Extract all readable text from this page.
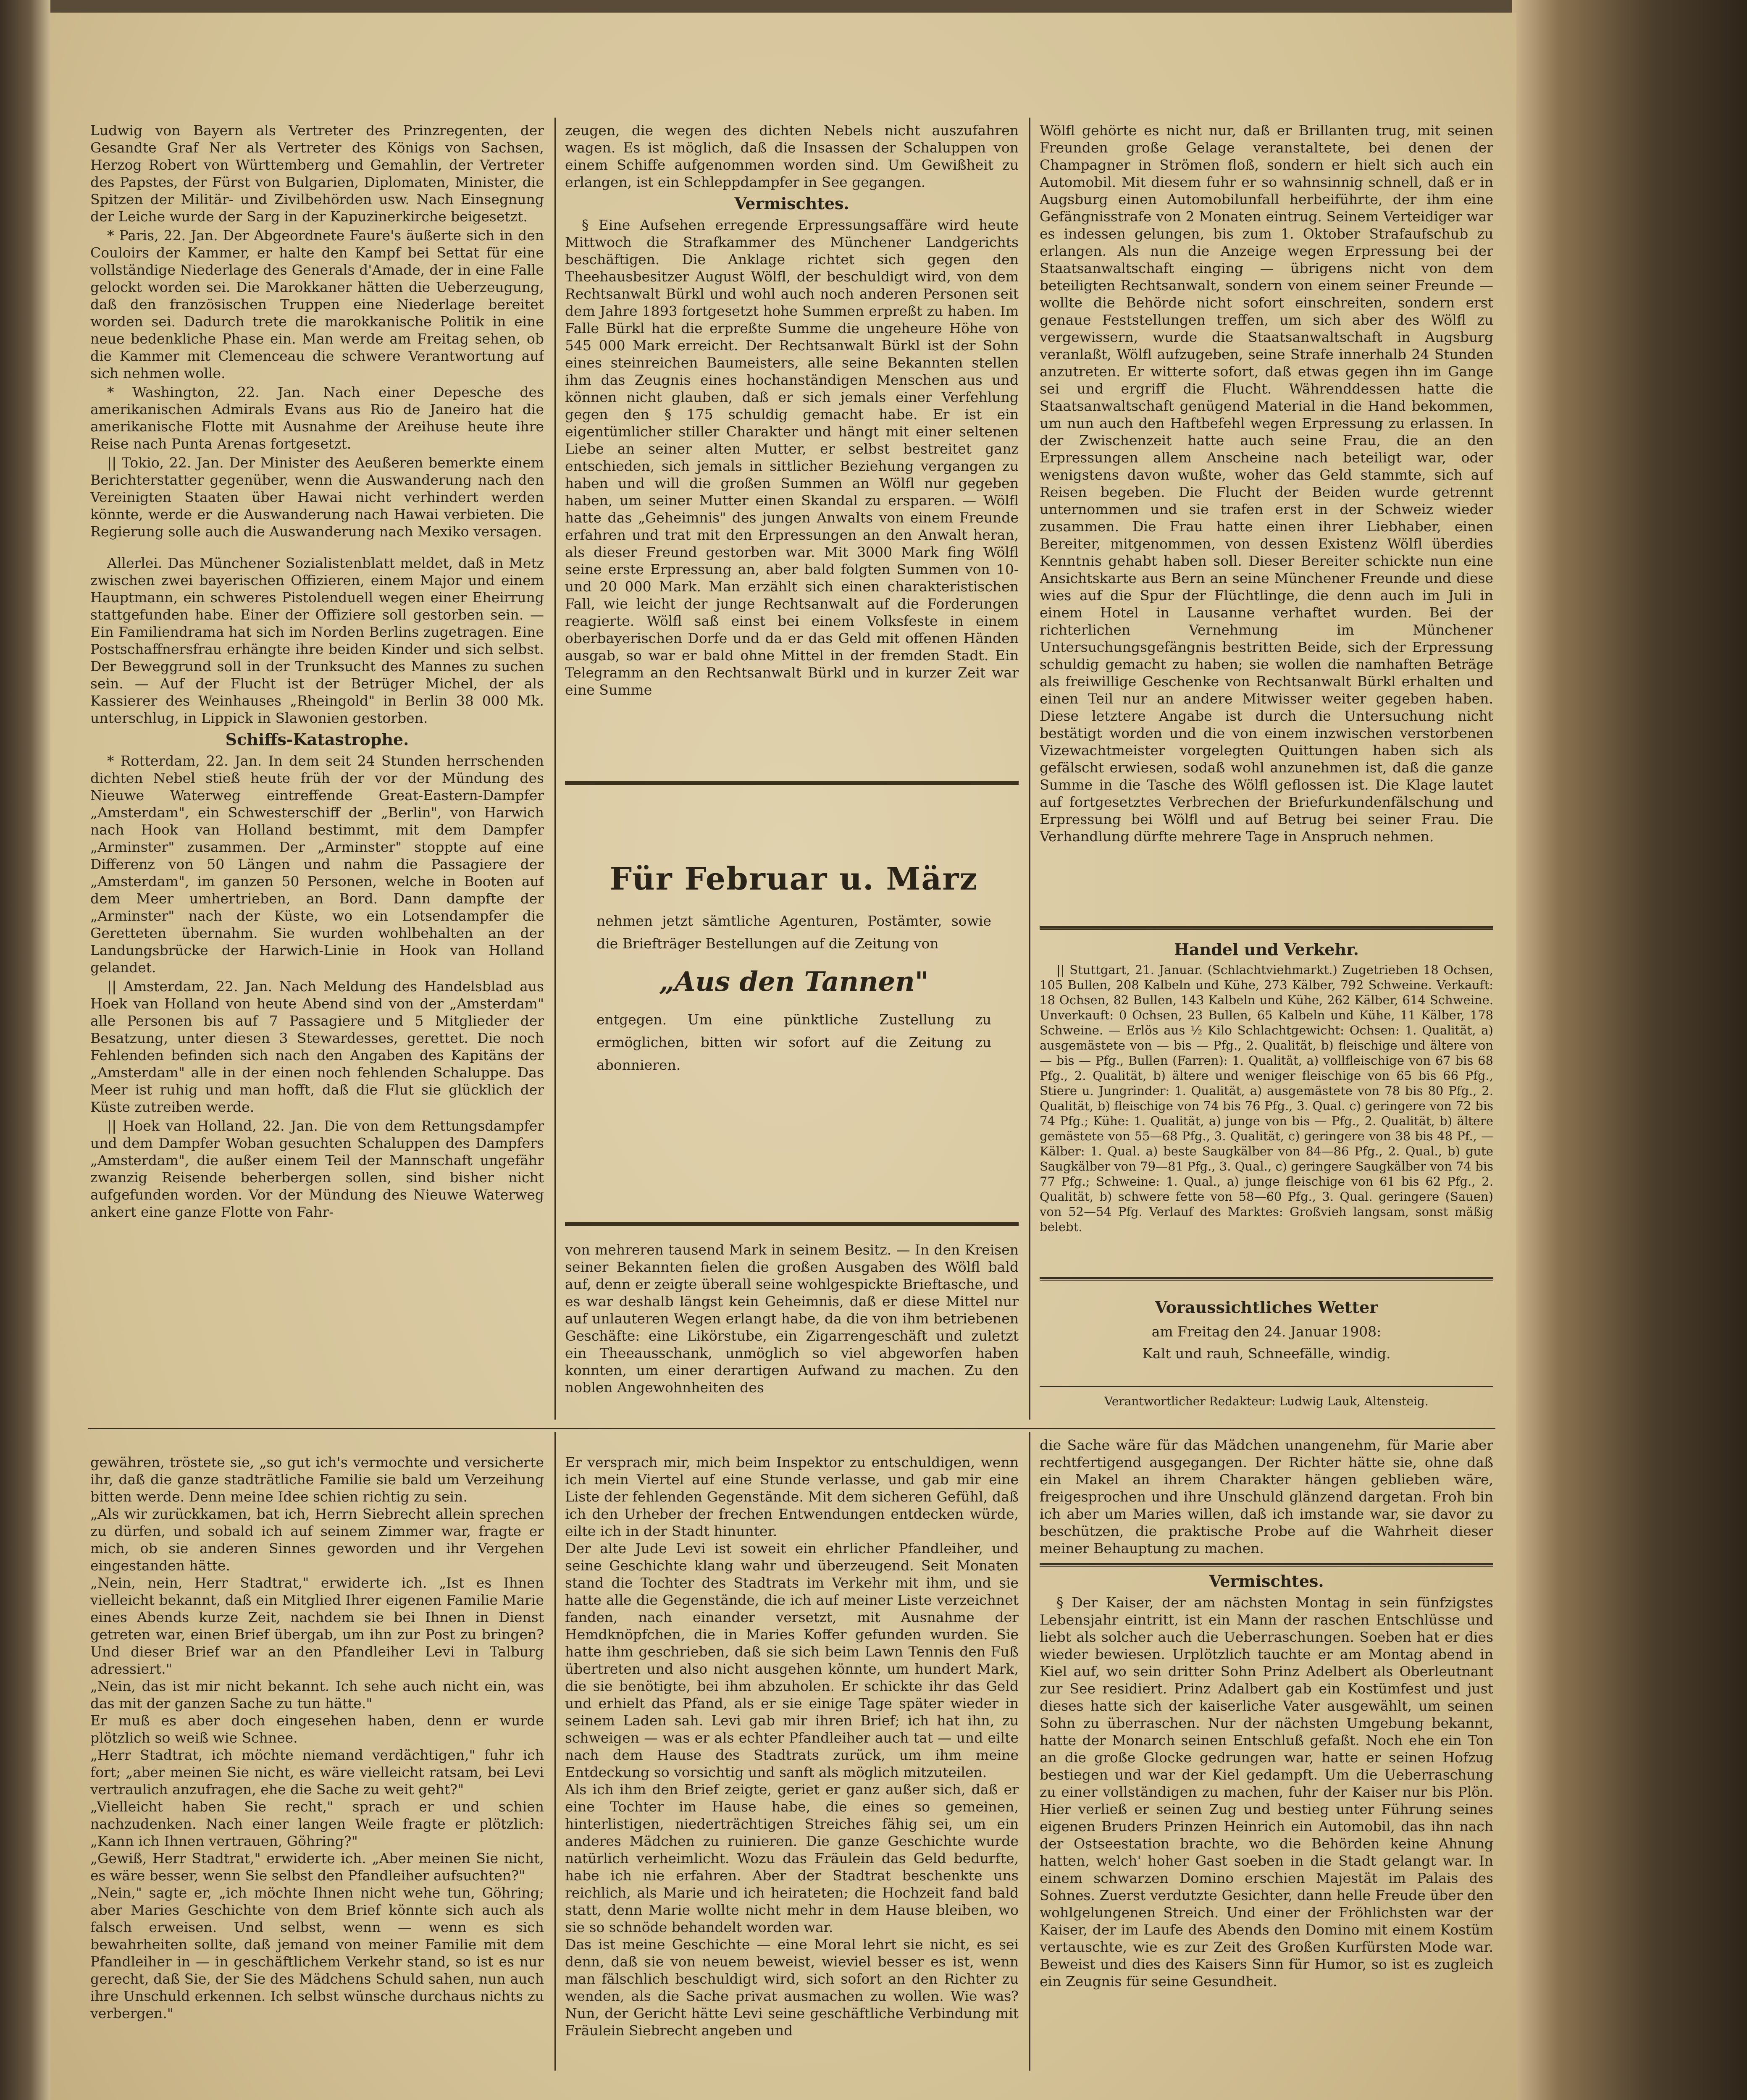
Ludwig von Bayern als Vertreter des Prinzregenten, der Gesandte Graf Ner als Vertreter des Königs von Sachsen, Herzog Robert von Württemberg und Gemahlin, der Vertreter des Papstes, der Fürst von Bulgarien, Diplomaten, Minister, die Spitzen der Militär- und Zivilbehörden usw. Nach Einsegnung der Leiche wurde der Sarg in der Kapuzinerkirche beigesetzt.

* Paris, 22. Jan. Der Abgeordnete Faure's äußerte sich in den Couloirs der Kammer, er halte den Kampf bei Settat für eine vollständige Niederlage des Generals d'Amade, der in eine Falle gelockt worden sei. Die Marokkaner hätten die Ueberzeugung, daß den französischen Truppen eine Niederlage bereitet worden sei. Dadurch trete die marokkanische Politik in eine neue bedenkliche Phase ein. Man werde am Freitag sehen, ob die Kammer mit Clemenceau die schwere Verantwortung auf sich nehmen wolle.

* Washington, 22. Jan. Nach einer Depesche des amerikanischen Admirals Evans aus Rio de Janeiro hat die amerikanische Flotte mit Ausnahme der Areihuse heute ihre Reise nach Punta Arenas fortgesetzt.

|| Tokio, 22. Jan. Der Minister des Aeußeren bemerkte einem Berichterstatter gegenüber, wenn die Auswanderung nach den Vereinigten Staaten über Hawai nicht verhindert werden könnte, werde er die Auswanderung nach Hawai verbieten. Die Regierung solle auch die Auswanderung nach Mexiko versagen.

Allerlei. Das Münchener Sozialistenblatt meldet, daß in Metz zwischen zwei bayerischen Offizieren, einem Major und einem Hauptmann, ein schweres Pistolenduell wegen einer Eheirrung stattgefunden habe. Einer der Offiziere soll gestorben sein. — Ein Familiendrama hat sich im Norden Berlins zugetragen. Eine Postschaffnersfrau erhängte ihre beiden Kinder und sich selbst. Der Beweggrund soll in der Trunksucht des Mannes zu suchen sein. — Auf der Flucht ist der Betrüger Michel, der als Kassierer des Weinhauses „Rheingold" in Berlin 38 000 Mk. unterschlug, in Lippick in Slawonien gestorben.

Schiffs-Katastrophe.

* Rotterdam, 22. Jan. In dem seit 24 Stunden herrschenden dichten Nebel stieß heute früh der vor der Mündung des Nieuwe Waterweg eintreffende Great-Eastern-Dampfer „Amsterdam", ein Schwesterschiff der „Berlin", von Harwich nach Hook van Holland bestimmt, mit dem Dampfer „Arminster" zusammen. Der „Arminster" stoppte auf eine Differenz von 50 Längen und nahm die Passagiere der „Amsterdam", im ganzen 50 Personen, welche in Booten auf dem Meer umhertrieben, an Bord. Dann dampfte der „Arminster" nach der Küste, wo ein Lotsendampfer die Geretteten übernahm. Sie wurden wohlbehalten an der Landungsbrücke der Harwich-Linie in Hook van Holland gelandet.

|| Amsterdam, 22. Jan. Nach Meldung des Handelsblad aus Hoek van Holland von heute Abend sind von der „Amsterdam" alle Personen bis auf 7 Passagiere und 5 Mitglieder der Besatzung, unter diesen 3 Stewardesses, gerettet. Die noch Fehlenden befinden sich nach den Angaben des Kapitäns der „Amsterdam" alle in der einen noch fehlenden Schaluppe. Das Meer ist ruhig und man hofft, daß die Flut sie glücklich der Küste zutreiben werde.

|| Hoek van Holland, 22. Jan. Die von dem Rettungsdampfer und dem Dampfer Woban gesuchten Schaluppen des Dampfers „Amsterdam", die außer einem Teil der Mannschaft ungefähr zwanzig Reisende beherbergen sollen, sind bisher nicht aufgefunden worden. Vor der Mündung des Nieuwe Waterweg ankert eine ganze Flotte von Fahr-

zeugen, die wegen des dichten Nebels nicht auszufahren wagen. Es ist möglich, daß die Insassen der Schaluppen von einem Schiffe aufgenommen worden sind. Um Gewißheit zu erlangen, ist ein Schleppdampfer in See gegangen.

Vermischtes.

§ Eine Aufsehen erregende Erpressungsaffäre wird heute Mittwoch die Strafkammer des Münchener Landgerichts beschäftigen. Die Anklage richtet sich gegen den Theehausbesitzer August Wölfl, der beschuldigt wird, von dem Rechtsanwalt Bürkl und wohl auch noch anderen Personen seit dem Jahre 1893 fortgesetzt hohe Summen erpreßt zu haben. Im Falle Bürkl hat die erpreßte Summe die ungeheure Höhe von 545 000 Mark erreicht. Der Rechtsanwalt Bürkl ist der Sohn eines steinreichen Baumeisters, alle seine Bekannten stellen ihm das Zeugnis eines hochanständigen Menschen aus und können nicht glauben, daß er sich jemals einer Verfehlung gegen den § 175 schuldig gemacht habe. Er ist ein eigentümlicher stiller Charakter und hängt mit einer seltenen Liebe an seiner alten Mutter, er selbst bestreitet ganz entschieden, sich jemals in sittlicher Beziehung vergangen zu haben und will die großen Summen an Wölfl nur gegeben haben, um seiner Mutter einen Skandal zu ersparen. — Wölfl hatte das „Geheimnis" des jungen Anwalts von einem Freunde erfahren und trat mit den Erpressungen an den Anwalt heran, als dieser Freund gestorben war. Mit 3000 Mark fing Wölfl seine erste Erpressung an, aber bald folgten Summen von 10- und 20 000 Mark. Man erzählt sich einen charakteristischen Fall, wie leicht der junge Rechtsanwalt auf die Forderungen reagierte. Wölfl saß einst bei einem Volksfeste in einem oberbayerischen Dorfe und da er das Geld mit offenen Händen ausgab, so war er bald ohne Mittel in der fremden Stadt. Ein Telegramm an den Rechtsanwalt Bürkl und in kurzer Zeit war eine Summe

Für Februar u. März
nehmen jetzt sämtliche Agenturen, Postämter, sowie die Briefträger Bestellungen auf die Zeitung von
„Aus den Tannen"
entgegen. Um eine pünktliche Zustellung zu ermöglichen, bitten wir sofort auf die Zeitung zu abonnieren.

von mehreren tausend Mark in seinem Besitz. — In den Kreisen seiner Bekannten fielen die großen Ausgaben des Wölfl bald auf, denn er zeigte überall seine wohlgespickte Brieftasche, und es war deshalb längst kein Geheimnis, daß er diese Mittel nur auf unlauteren Wegen erlangt habe, da die von ihm betriebenen Geschäfte: eine Likörstube, ein Zigarrengeschäft und zuletzt ein Theeausschank, unmöglich so viel abgeworfen haben konnten, um einer derartigen Aufwand zu machen. Zu den noblen Angewohnheiten des

Wölfl gehörte es nicht nur, daß er Brillanten trug, mit seinen Freunden große Gelage veranstaltete, bei denen der Champagner in Strömen floß, sondern er hielt sich auch ein Automobil. Mit diesem fuhr er so wahnsinnig schnell, daß er in Augsburg einen Automobilunfall herbeiführte, der ihm eine Gefängnisstrafe von 2 Monaten eintrug. Seinem Verteidiger war es indessen gelungen, bis zum 1. Oktober Strafaufschub zu erlangen. Als nun die Anzeige wegen Erpressung bei der Staatsanwaltschaft einging — übrigens nicht von dem beteiligten Rechtsanwalt, sondern von einem seiner Freunde — wollte die Behörde nicht sofort einschreiten, sondern erst genaue Feststellungen treffen, um sich aber des Wölfl zu vergewissern, wurde die Staatsanwaltschaft in Augsburg veranlaßt, Wölfl aufzugeben, seine Strafe innerhalb 24 Stunden anzutreten. Er witterte sofort, daß etwas gegen ihn im Gange sei und ergriff die Flucht. Währenddessen hatte die Staatsanwaltschaft genügend Material in die Hand bekommen, um nun auch den Haftbefehl wegen Erpressung zu erlassen. In der Zwischenzeit hatte auch seine Frau, die an den Erpressungen allem Anscheine nach beteiligt war, oder wenigstens davon wußte, woher das Geld stammte, sich auf Reisen begeben. Die Flucht der Beiden wurde getrennt unternommen und sie trafen erst in der Schweiz wieder zusammen. Die Frau hatte einen ihrer Liebhaber, einen Bereiter, mitgenommen, von dessen Existenz Wölfl überdies Kenntnis gehabt haben soll. Dieser Bereiter schickte nun eine Ansichtskarte aus Bern an seine Münchener Freunde und diese wies auf die Spur der Flüchtlinge, die denn auch im Juli in einem Hotel in Lausanne verhaftet wurden. Bei der richterlichen Vernehmung im Münchener Untersuchungsgefängnis bestritten Beide, sich der Erpressung schuldig gemacht zu haben; sie wollen die namhaften Beträge als freiwillige Geschenke von Rechtsanwalt Bürkl erhalten und einen Teil nur an andere Mitwisser weiter gegeben haben. Diese letztere Angabe ist durch die Untersuchung nicht bestätigt worden und die von einem inzwischen verstorbenen Vizewachtmeister vorgelegten Quittungen haben sich als gefälscht erwiesen, sodaß wohl anzunehmen ist, daß die ganze Summe in die Tasche des Wölfl geflossen ist. Die Klage lautet auf fortgesetztes Verbrechen der Briefurkundenfälschung und Erpressung bei Wölfl und auf Betrug bei seiner Frau. Die Verhandlung dürfte mehrere Tage in Anspruch nehmen.

Handel und Verkehr.

|| Stuttgart, 21. Januar. (Schlachtviehmarkt.) Zugetrieben 18 Ochsen, 105 Bullen, 208 Kalbeln und Kühe, 273 Kälber, 792 Schweine. Verkauft: 18 Ochsen, 82 Bullen, 143 Kalbeln und Kühe, 262 Kälber, 614 Schweine. Unverkauft: 0 Ochsen, 23 Bullen, 65 Kalbeln und Kühe, 11 Kälber, 178 Schweine. — Erlös aus ½ Kilo Schlachtgewicht: Ochsen: 1. Qualität, a) ausgemästete von — bis — Pfg., 2. Qualität, b) fleischige und ältere von — bis — Pfg., Bullen (Farren): 1. Qualität, a) vollfleischige von 67 bis 68 Pfg., 2. Qualität, b) ältere und weniger fleischige von 65 bis 66 Pfg., Stiere u. Jungrinder: 1. Qualität, a) ausgemästete von 78 bis 80 Pfg., 2. Qualität, b) fleischige von 74 bis 76 Pfg., 3. Qual. c) geringere von 72 bis 74 Pfg.; Kühe: 1. Qualität, a) junge von bis — Pfg., 2. Qualität, b) ältere gemästete von 55—68 Pfg., 3. Qualität, c) geringere von 38 bis 48 Pf., — Kälber: 1. Qual. a) beste Saugkälber von 84—86 Pfg., 2. Qual., b) gute Saugkälber von 79—81 Pfg., 3. Qual., c) geringere Saugkälber von 74 bis 77 Pfg.; Schweine: 1. Qual., a) junge fleischige von 61 bis 62 Pfg., 2. Qualität, b) schwere fette von 58—60 Pfg., 3. Qual. geringere (Sauen) von 52—54 Pfg. Verlauf des Marktes: Großvieh langsam, sonst mäßig belebt.

Voraussichtliches Wetter
am Freitag den 24. Januar 1908:
Kalt und rauh, Schneefälle, windig.
Verantwortlicher Redakteur: Ludwig Lauk, Altensteig.

gewähren, tröstete sie, „so gut ich's vermochte und versicherte ihr, daß die ganze stadträtliche Familie sie bald um Verzeihung bitten werde. Denn meine Idee schien richtig zu sein.
„Als wir zurückkamen, bat ich, Herrn Siebrecht allein sprechen zu dürfen, und sobald ich auf seinem Zimmer war, fragte er mich, ob sie anderen Sinnes geworden und ihr Vergehen eingestanden hätte.
„Nein, nein, Herr Stadtrat," erwiderte ich. „Ist es Ihnen vielleicht bekannt, daß ein Mitglied Ihrer eigenen Familie Marie eines Abends kurze Zeit, nachdem sie bei Ihnen in Dienst getreten war, einen Brief übergab, um ihn zur Post zu bringen? Und dieser Brief war an den Pfandleiher Levi in Talburg adressiert."
„Nein, das ist mir nicht bekannt. Ich sehe auch nicht ein, was das mit der ganzen Sache zu tun hätte."
Er muß es aber doch eingesehen haben, denn er wurde plötzlich so weiß wie Schnee.
„Herr Stadtrat, ich möchte niemand verdächtigen," fuhr ich fort; „aber meinen Sie nicht, es wäre vielleicht ratsam, bei Levi vertraulich anzufragen, ehe die Sache zu weit geht?"
„Vielleicht haben Sie recht," sprach er und schien nachzudenken. Nach einer langen Weile fragte er plötzlich: „Kann ich Ihnen vertrauen, Göhring?"
„Gewiß, Herr Stadtrat," erwiderte ich. „Aber meinen Sie nicht, es wäre besser, wenn Sie selbst den Pfandleiher aufsuchten?"
„Nein," sagte er, „ich möchte Ihnen nicht wehe tun, Göhring; aber Maries Geschichte von dem Brief könnte sich auch als falsch erweisen. Und selbst, wenn — wenn es sich bewahrheiten sollte, daß jemand von meiner Familie mit dem Pfandleiher in — in geschäftlichem Verkehr stand, so ist es nur gerecht, daß Sie, der Sie des Mädchens Schuld sahen, nun auch ihre Unschuld erkennen. Ich selbst wünsche durchaus nichts zu verbergen."

Er versprach mir, mich beim Inspektor zu entschuldigen, wenn ich mein Viertel auf eine Stunde verlasse, und gab mir eine Liste der fehlenden Gegenstände. Mit dem sicheren Gefühl, daß ich den Urheber der frechen Entwendungen entdecken würde, eilte ich in der Stadt hinunter.
Der alte Jude Levi ist soweit ein ehrlicher Pfandleiher, und seine Geschichte klang wahr und überzeugend. Seit Monaten stand die Tochter des Stadtrats im Verkehr mit ihm, und sie hatte alle die Gegenstände, die ich auf meiner Liste verzeichnet fanden, nach einander versetzt, mit Ausnahme der Hemdknöpfchen, die in Maries Koffer gefunden wurden. Sie hatte ihm geschrieben, daß sie sich beim Lawn Tennis den Fuß übertreten und also nicht ausgehen könnte, um hundert Mark, die sie benötigte, bei ihm abzuholen. Er schickte ihr das Geld und erhielt das Pfand, als er sie einige Tage später wieder in seinem Laden sah. Levi gab mir ihren Brief; ich hat ihn, zu schweigen — was er als echter Pfandleiher auch tat — und eilte nach dem Hause des Stadtrats zurück, um ihm meine Entdeckung so vorsichtig und sanft als möglich mitzuteilen.
Als ich ihm den Brief zeigte, geriet er ganz außer sich, daß er eine Tochter im Hause habe, die eines so gemeinen, hinterlistigen, niederträchtigen Streiches fähig sei, um ein anderes Mädchen zu ruinieren. Die ganze Geschichte wurde natürlich verheimlicht. Wozu das Fräulein das Geld bedurfte, habe ich nie erfahren. Aber der Stadtrat beschenkte uns reichlich, als Marie und ich heirateten; die Hochzeit fand bald statt, denn Marie wollte nicht mehr in dem Hause bleiben, wo sie so schnöde behandelt worden war.
Das ist meine Geschichte — eine Moral lehrt sie nicht, es sei denn, daß sie von neuem beweist, wieviel besser es ist, wenn man fälschlich beschuldigt wird, sich sofort an den Richter zu wenden, als die Sache privat ausmachen zu wollen. Wie was? Nun, der Gericht hätte Levi seine geschäftliche Verbindung mit Fräulein Siebrecht angeben und

die Sache wäre für das Mädchen unangenehm, für Marie aber rechtfertigend ausgegangen. Der Richter hätte sie, ohne daß ein Makel an ihrem Charakter hängen geblieben wäre, freigesprochen und ihre Unschuld glänzend dargetan. Froh bin ich aber um Maries willen, daß ich imstande war, sie davor zu beschützen, die praktische Probe auf die Wahrheit dieser meiner Behauptung zu machen.

Vermischtes.

§ Der Kaiser, der am nächsten Montag in sein fünfzigstes Lebensjahr eintritt, ist ein Mann der raschen Entschlüsse und liebt als solcher auch die Ueberraschungen. Soeben hat er dies wieder bewiesen. Urplötzlich tauchte er am Montag abend in Kiel auf, wo sein dritter Sohn Prinz Adelbert als Oberleutnant zur See residiert. Prinz Adalbert gab ein Kostümfest und just dieses hatte sich der kaiserliche Vater ausgewählt, um seinen Sohn zu überraschen. Nur der nächsten Umgebung bekannt, hatte der Monarch seinen Entschluß gefaßt. Noch ehe ein Ton an die große Glocke gedrungen war, hatte er seinen Hofzug bestiegen und war der Kiel gedampft. Um die Ueberraschung zu einer vollständigen zu machen, fuhr der Kaiser nur bis Plön. Hier verließ er seinen Zug und bestieg unter Führung seines eigenen Bruders Prinzen Heinrich ein Automobil, das ihn nach der Ostseestation brachte, wo die Behörden keine Ahnung hatten, welch' hoher Gast soeben in die Stadt gelangt war. In einem schwarzen Domino erschien Majestät im Palais des Sohnes. Zuerst verdutzte Gesichter, dann helle Freude über den wohlgelungenen Streich. Und einer der Fröhlichsten war der Kaiser, der im Laufe des Abends den Domino mit einem Kostüm vertauschte, wie es zur Zeit des Großen Kurfürsten Mode war. Beweist und dies des Kaisers Sinn für Humor, so ist es zugleich ein Zeugnis für seine Gesundheit.
